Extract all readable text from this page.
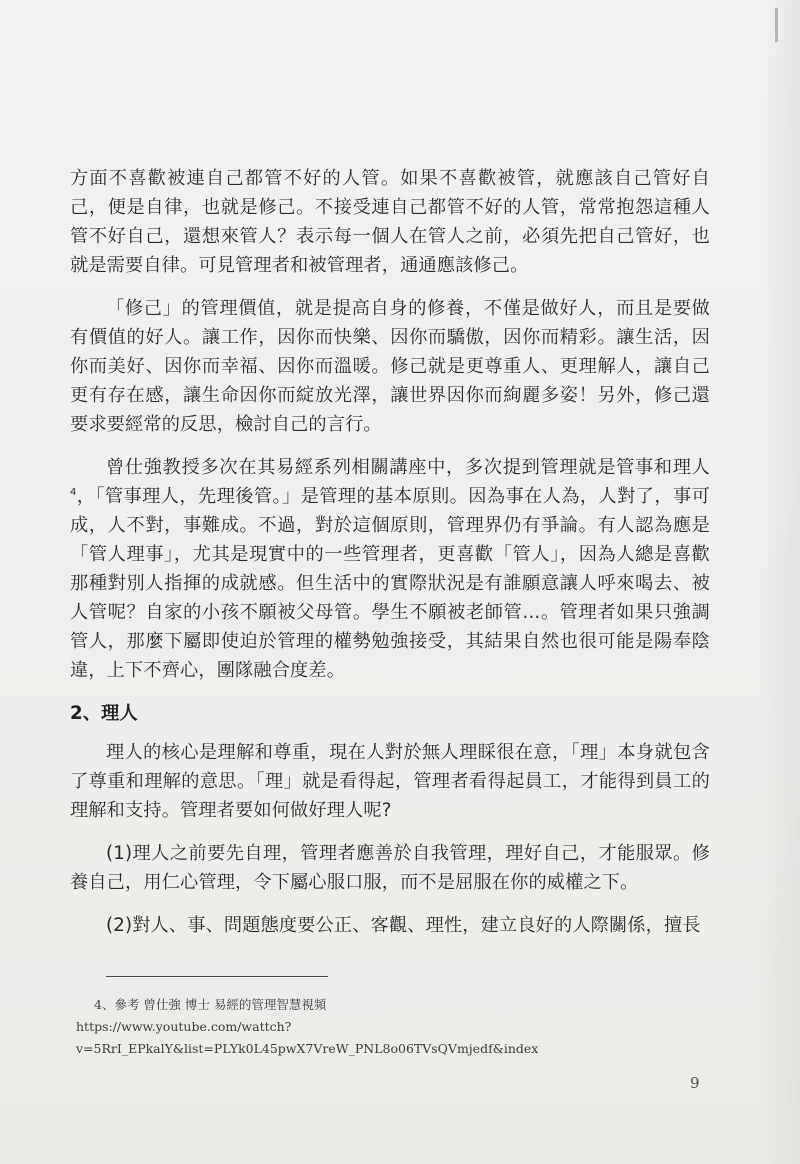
方面不喜歡被連自己都管不好的人管。如果不喜歡被管，就應該自己管好自己，便是自律，也就是修己。不接受連自己都管不好的人管，常常抱怨這種人管不好自己，還想來管人？表示每一個人在管人之前，必須先把自己管好，也就是需要自律。可見管理者和被管理者，通通應該修己。

「修己」的管理價值，就是提高自身的修養，不僅是做好人，而且是要做有價值的好人。讓工作，因你而快樂、因你而驕傲，因你而精彩。讓生活，因你而美好、因你而幸福、因你而溫暖。修己就是更尊重人、更理解人，讓自己更有存在感，讓生命因你而綻放光澤，讓世界因你而絢麗多姿！另外，修己還要求要經常的反思，檢討自己的言行。

曾仕強教授多次在其易經系列相關講座中，多次提到管理就是管事和理人$^4$，「管事理人，先理後管。」是管理的基本原則。因為事在人為，人對了，事可成，人不對，事難成。不過，對於這個原則，管理界仍有爭論。有人認為應是「管人理事」，尤其是現實中的一些管理者，更喜歡「管人」，因為人總是喜歡那種對別人指揮的成就感。但生活中的實際狀況是有誰願意讓人呼來喝去、被人管呢？自家的小孩不願被父母管。學生不願被老師管...。管理者如果只強調管人，那麼下屬即使迫於管理的權勢勉強接受，其結果自然也很可能是陽奉陰違，上下不齊心，團隊融合度差。

2、理人

理人的核心是理解和尊重，現在人對於無人理睬很在意，「理」本身就包含了尊重和理解的意思。「理」就是看得起，管理者看得起員工，才能得到員工的理解和支持。管理者要如何做好理人呢?

(1)理人之前要先自理，管理者應善於自我管理，理好自己，才能服眾。修養自己，用仁心管理，令下屬心服口服，而不是屈服在你的威權之下。

(2)對人、事、問題態度要公正、客觀、理性，建立良好的人際關係，擅長

4、參考 曾仕強 博士 易經的管理智慧視頻
https://www.youtube.com/wattch?v=5RrI_EPkalY&list=PLYk0L45pwX7VreW_PNL8o06TVsQVmjedf&index
9
